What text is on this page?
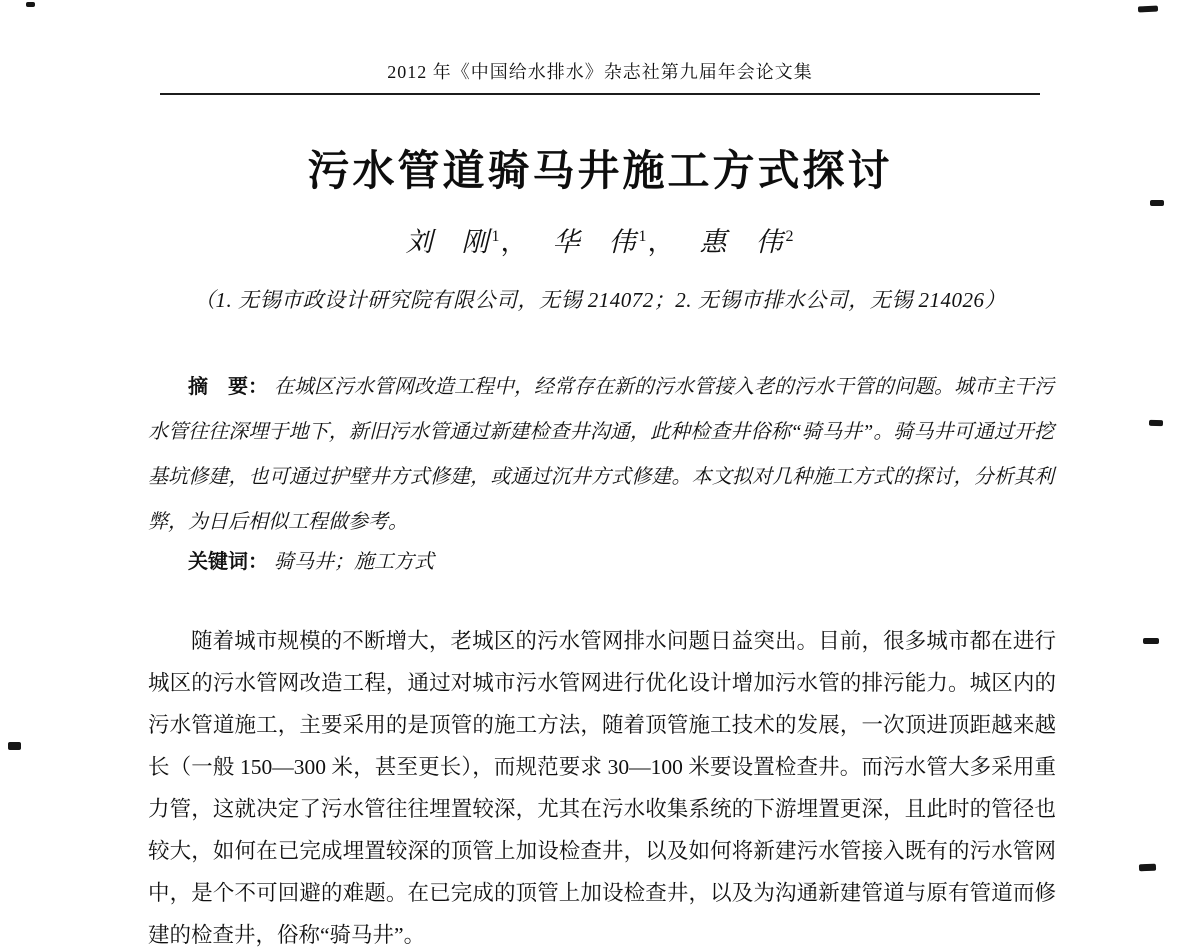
2012 年《中国给水排水》杂志社第九届年会论文集
污水管道骑马井施工方式探讨
刘　刚 $^1$， 华　伟 $^1$， 惠　伟 $^2$
（1. 无锡市政设计研究院有限公司，无锡 214072；2. 无锡市排水公司，无锡 214026）

摘　要： 在城区污水管网改造工程中，经常存在新的污水管接入老的污水干管的问题。城市主干污水管往往深埋于地下，新旧污水管通过新建检查井沟通，此种检查井俗称“骑马井”。骑马井可通过开挖基坑修建，也可通过护壁井方式修建，或通过沉井方式修建。本文拟对几种施工方式的探讨，分析其利弊，为日后相似工程做参考。

关键词： 骑马井；施工方式

随着城市规模的不断增大，老城区的污水管网排水问题日益突出。目前，很多城市都在进行城区的污水管网改造工程，通过对城市污水管网进行优化设计增加污水管的排污能力。城区内的污水管道施工，主要采用的是顶管的施工方法，随着顶管施工技术的发展，一次顶进顶距越来越长（一般 150—300 米，甚至更长），而规范要求 30—100 米要设置检查井。而污水管大多采用重力管，这就决定了污水管往往埋置较深，尤其在污水收集系统的下游埋置更深，且此时的管径也较大，如何在已完成埋置较深的顶管上加设检查井，以及如何将新建污水管接入既有的污水管网中，是个不可回避的难题。在已完成的顶管上加设检查井，以及为沟通新建管道与原有管道而修建的检查井，俗称“骑马井”。
